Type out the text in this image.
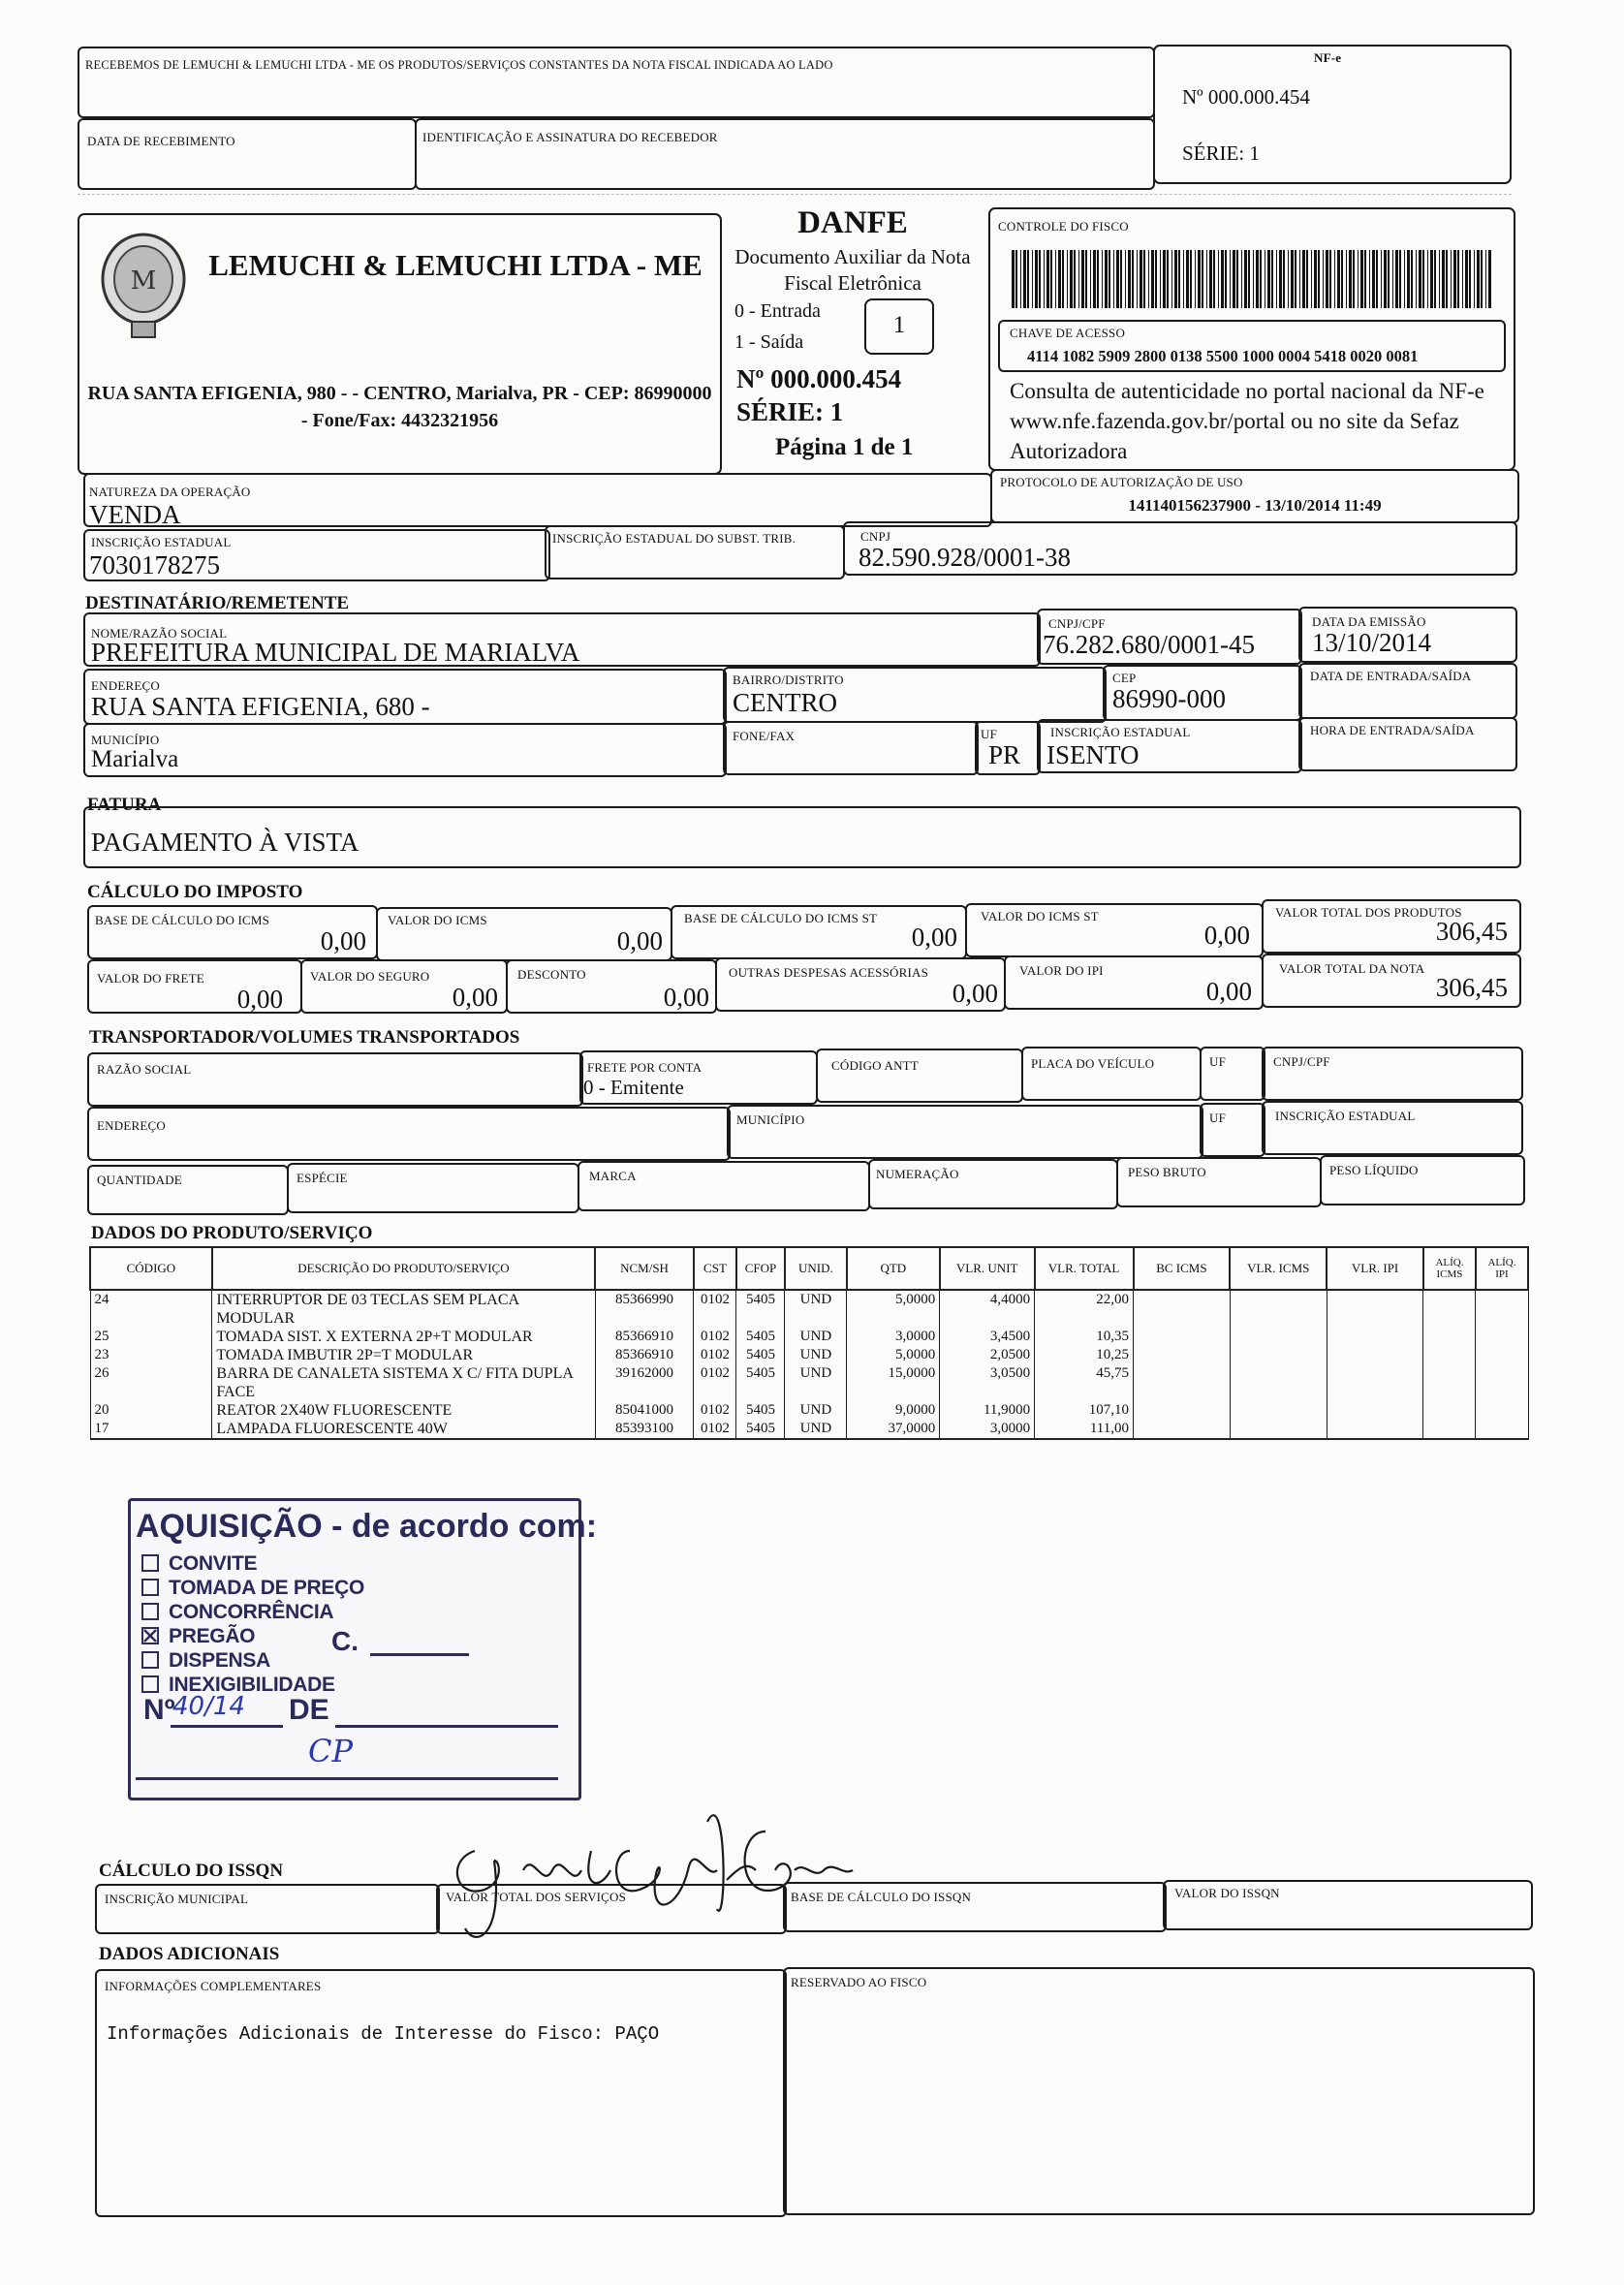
RECEBEMOS DE LEMUCHI & LEMUCHI LTDA - ME OS PRODUTOS/SERVIÇOS CONSTANTES DA NOTA FISCAL INDICADA AO LADO
DATA DE RECEBIMENTO	IDENTIFICAÇÃO E ASSINATURA DO RECEBEDOR
NF-e
Nº 000.000.454
SÉRIE: 1
M LEMUCHI & LEMUCHI LTDA - ME
RUA SANTA EFIGENIA, 980 - - CENTRO, Marialva, PR - CEP: 86990000 - Fone/Fax: 4432321956
DANFE
Documento Auxiliar da Nota Fiscal Eletrônica
0 - Entrada
1 - Saída
1
Nº 000.000.454
SÉRIE: 1
Página 1 de 1
CONTROLE DO FISCO
CHAVE DE ACESSO
4114 1082 5909 2800 0138 5500 1000 0004 5418 0020 0081
Consulta de autenticidade no portal nacional da NF-e www.nfe.fazenda.gov.br/portal ou no site da Sefaz Autorizadora
NATUREZA DA OPERAÇÃO
VENDA
PROTOCOLO DE AUTORIZAÇÃO DE USO
141140156237900 - 13/10/2014 11:49
INSCRIÇÃO ESTADUAL
7030178275
INSCRIÇÃO ESTADUAL DO SUBST. TRIB.	CNPJ
82.590.928/0001-38
DESTINATÁRIO/REMETENTE
NOME/RAZÃO SOCIAL
PREFEITURA MUNICIPAL DE MARIALVA
CNPJ/CPF
76.282.680/0001-45
DATA DA EMISSÃO
13/10/2014
ENDEREÇO
RUA SANTA EFIGENIA, 680 -
BAIRRO/DISTRITO
CENTRO
CEP
86990-000
DATA DE ENTRADA/SAÍDA
MUNICÍPIO
Marialva
FONE/FAX	UF
PR
INSCRIÇÃO ESTADUAL
ISENTO
HORA DE ENTRADA/SAÍDA
FATURA
PAGAMENTO À VISTA
CÁLCULO DO IMPOSTO
BASE DE CÁLCULO DO ICMS
0,00
VALOR DO ICMS
0,00
BASE DE CÁLCULO DO ICMS ST
0,00
VALOR DO ICMS ST
0,00
VALOR TOTAL DOS PRODUTOS
306,45
VALOR DO FRETE
0,00
VALOR DO SEGURO
0,00
DESCONTO
0,00
OUTRAS DESPESAS ACESSÓRIAS
0,00
VALOR DO IPI
0,00
VALOR TOTAL DA NOTA
306,45
TRANSPORTADOR/VOLUMES TRANSPORTADOS
RAZÃO SOCIAL	FRETE POR CONTA
0 - Emitente
CÓDIGO ANTT	PLACA DO VEÍCULO	UF	CNPJ/CPF
ENDEREÇO	MUNICÍPIO	UF	INSCRIÇÃO ESTADUAL
QUANTIDADE	ESPÉCIE	MARCA	NUMERAÇÃO	PESO BRUTO	PESO LÍQUIDO
DADOS DO PRODUTO/SERVIÇO
CÓDIGO	DESCRIÇÃO DO PRODUTO/SERVIÇO	NCM/SH	CST	CFOP	UNID.	QTD	VLR. UNIT	VLR. TOTAL	BC ICMS	VLR. ICMS	VLR. IPI	ALÍQ. ICMS	ALÍQ. IPI
24	INTERRUPTOR DE 03 TECLAS SEM PLACA MODULAR	85366990	0102	5405	UND	5,0000	4,4000	22,00					
25	TOMADA SIST. X EXTERNA 2P+T MODULAR	85366910	0102	5405	UND	3,0000	3,4500	10,35					
23	TOMADA IMBUTIR 2P=T MODULAR	85366910	0102	5405	UND	5,0000	2,0500	10,25					
26	BARRA DE CANALETA SISTEMA X C/ FITA DUPLA FACE	39162000	0102	5405	UND	15,0000	3,0500	45,75					
20	REATOR 2X40W FLUORESCENTE	85041000	0102	5405	UND	9,0000	11,9000	107,10					
17	LAMPADA FLUORESCENTE 40W	85393100	0102	5405	UND	37,0000	3,0000	111,00					
AQUISIÇÃO - de acordo com:
CONVITE
TOMADA DE PREÇO
CONCORRÊNCIA
PREGÃO
DISPENSA
INEXIGIBILIDADE
C.
Nº
40/14 DE
CP
CÁLCULO DO ISSQN
INSCRIÇÃO MUNICIPAL	VALOR TOTAL DOS SERVIÇOS	BASE DE CÁLCULO DO ISSQN	VALOR DO ISSQN
DADOS ADICIONAIS
INFORMAÇÕES COMPLEMENTARES
Informações Adicionais de Interesse do Fisco: PAÇO
RESERVADO AO FISCO
